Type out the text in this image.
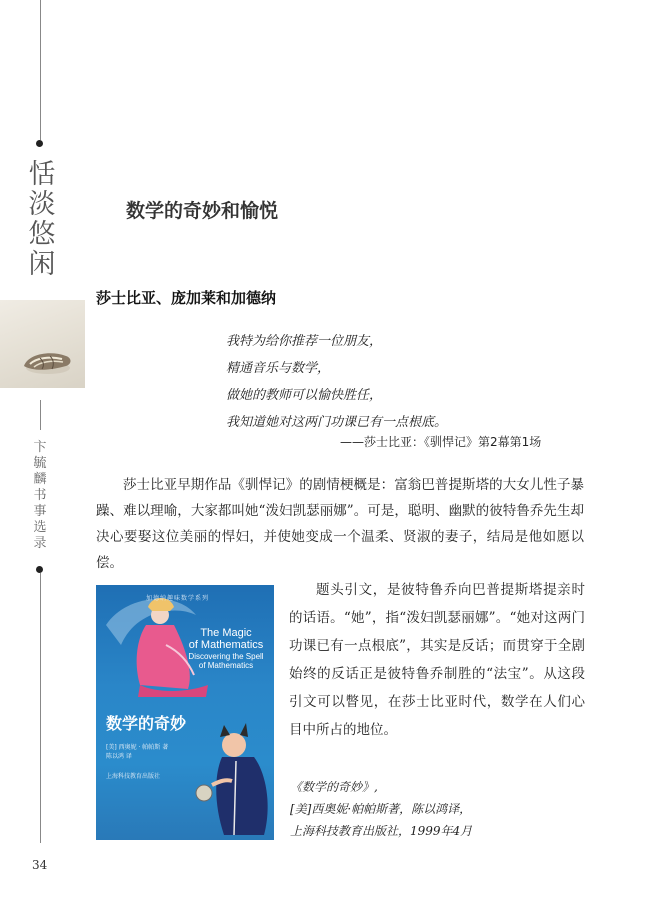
恬
淡
悠
闲
卞
毓
麟
书
事
选
录
34
数学的奇妙和愉悦
莎士比亚、庞加莱和加德纳
我特为给你推荐一位朋友，
精通音乐与数学，
做她的教师可以愉快胜任，
我知道她对这两门功课已有一点根底。
——莎士比亚：《驯悍记》第2幕第1场

莎士比亚早期作品《驯悍记》的剧情梗概是：富翁巴普提斯塔的大女儿性子暴躁、难以理喻，大家都叫她“泼妇凯瑟丽娜”。可是，聪明、幽默的彼特鲁乔先生却决心要娶这位美丽的悍妇，并使她变成一个温柔、贤淑的妻子，结局是他如愿以偿。

加德纳趣味数学系列
The Magic
of Mathematics
Discovering the Spell
of Mathematics
数学的奇妙
[美] 西奥妮 · 帕帕斯 著
陈以鸿 译
上海科技教育出版社

题头引文，是彼特鲁乔向巴普提斯塔提亲时的话语。“她”，指“泼妇凯瑟丽娜”。“她对这两门功课已有一点根底”，其实是反话；而贯穿于全剧始终的反话正是彼特鲁乔制胜的“法宝”。从这段引文可以瞥见，在莎士比亚时代，数学在人们心目中所占的地位。

《数学的奇妙》,
[美]西奥妮·帕帕斯著，陈以鸿译，
上海科技教育出版社，1999年4月
